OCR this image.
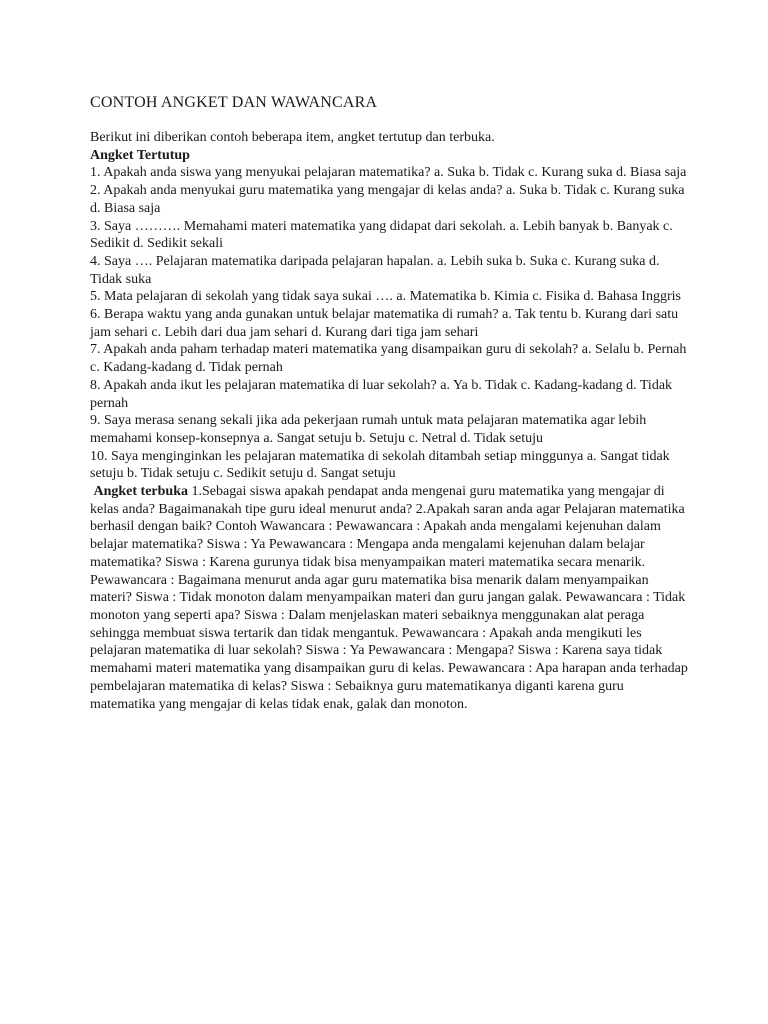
CONTOH ANGKET DAN WAWANCARA

Berikut ini diberikan contoh beberapa item, angket tertutup dan terbuka.

Angket Tertutup

1. Apakah anda siswa yang menyukai pelajaran matematika? a. Suka b. Tidak c. Kurang suka d. Biasa saja

2. Apakah anda menyukai guru matematika yang mengajar di kelas anda? a. Suka b. Tidak c. Kurang suka d. Biasa saja

3. Saya ………. Memahami materi matematika yang didapat dari sekolah. a. Lebih banyak b. Banyak c. Sedikit d. Sedikit sekali

4. Saya …. Pelajaran matematika daripada pelajaran hapalan. a. Lebih suka b. Suka c. Kurang suka d. Tidak suka

5. Mata pelajaran di sekolah yang tidak saya sukai …. a. Matematika b. Kimia c. Fisika d. Bahasa Inggris

6. Berapa waktu yang anda gunakan untuk belajar matematika di rumah? a. Tak tentu b. Kurang dari satu jam sehari c. Lebih dari dua jam sehari d. Kurang dari tiga jam sehari

7. Apakah anda paham terhadap materi matematika yang disampaikan guru di sekolah? a. Selalu b. Pernah c. Kadang-kadang d. Tidak pernah

8. Apakah anda ikut les pelajaran matematika di luar sekolah? a. Ya b. Tidak c. Kadang-kadang d. Tidak pernah

9. Saya merasa senang sekali jika ada pekerjaan rumah untuk mata pelajaran matematika agar lebih memahami konsep-konsepnya a. Sangat setuju b. Setuju c. Netral d. Tidak setuju

10. Saya menginginkan les pelajaran matematika di sekolah ditambah setiap minggunya a. Sangat tidak setuju b. Tidak setuju c. Sedikit setuju d. Sangat setuju

Angket terbuka 1.Sebagai siswa apakah pendapat anda mengenai guru matematika yang mengajar di kelas anda? Bagaimanakah tipe guru ideal menurut anda? 2.Apakah saran anda agar Pelajaran matematika berhasil dengan baik? Contoh Wawancara : Pewawancara : Apakah anda mengalami kejenuhan dalam belajar matematika? Siswa : Ya Pewawancara : Mengapa anda mengalami kejenuhan dalam belajar matematika? Siswa : Karena gurunya tidak bisa menyampaikan materi matematika secara menarik. Pewawancara : Bagaimana menurut anda agar guru matematika bisa menarik dalam menyampaikan materi? Siswa : Tidak monoton dalam menyampaikan materi dan guru jangan galak. Pewawancara : Tidak monoton yang seperti apa? Siswa : Dalam menjelaskan materi sebaiknya menggunakan alat peraga sehingga membuat siswa tertarik dan tidak mengantuk. Pewawancara : Apakah anda mengikuti les pelajaran matematika di luar sekolah? Siswa : Ya Pewawancara : Mengapa? Siswa : Karena saya tidak memahami materi matematika yang disampaikan guru di kelas. Pewawancara : Apa harapan anda terhadap pembelajaran matematika di kelas? Siswa : Sebaiknya guru matematikanya diganti karena guru matematika yang mengajar di kelas tidak enak, galak dan monoton.
